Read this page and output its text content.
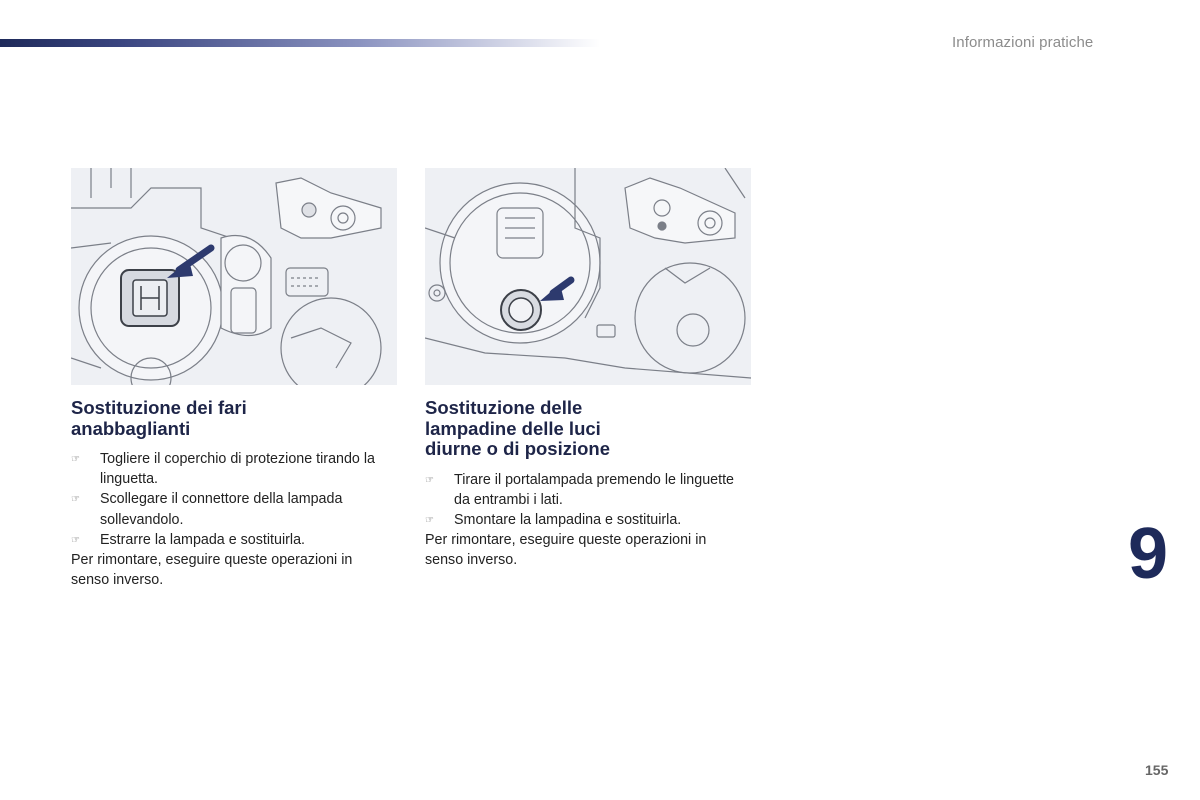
Informazioni pratiche
Sostituzione dei fari
anabbaglianti
☞ Togliere il coperchio di protezione tirando la linguetta.
☞ Scollegare il connettore della lampada sollevandolo.
☞ Estrarre la lampada e sostituirla.

Per rimontare, eseguire queste operazioni in senso inverso.

Sostituzione delle
lampadine delle luci
diurne o di posizione
☞ Tirare il portalampada premendo le linguette da entrambi i lati.
☞ Smontare la lampadina e sostituirla.

Per rimontare, eseguire queste operazioni in senso inverso.	9
155
